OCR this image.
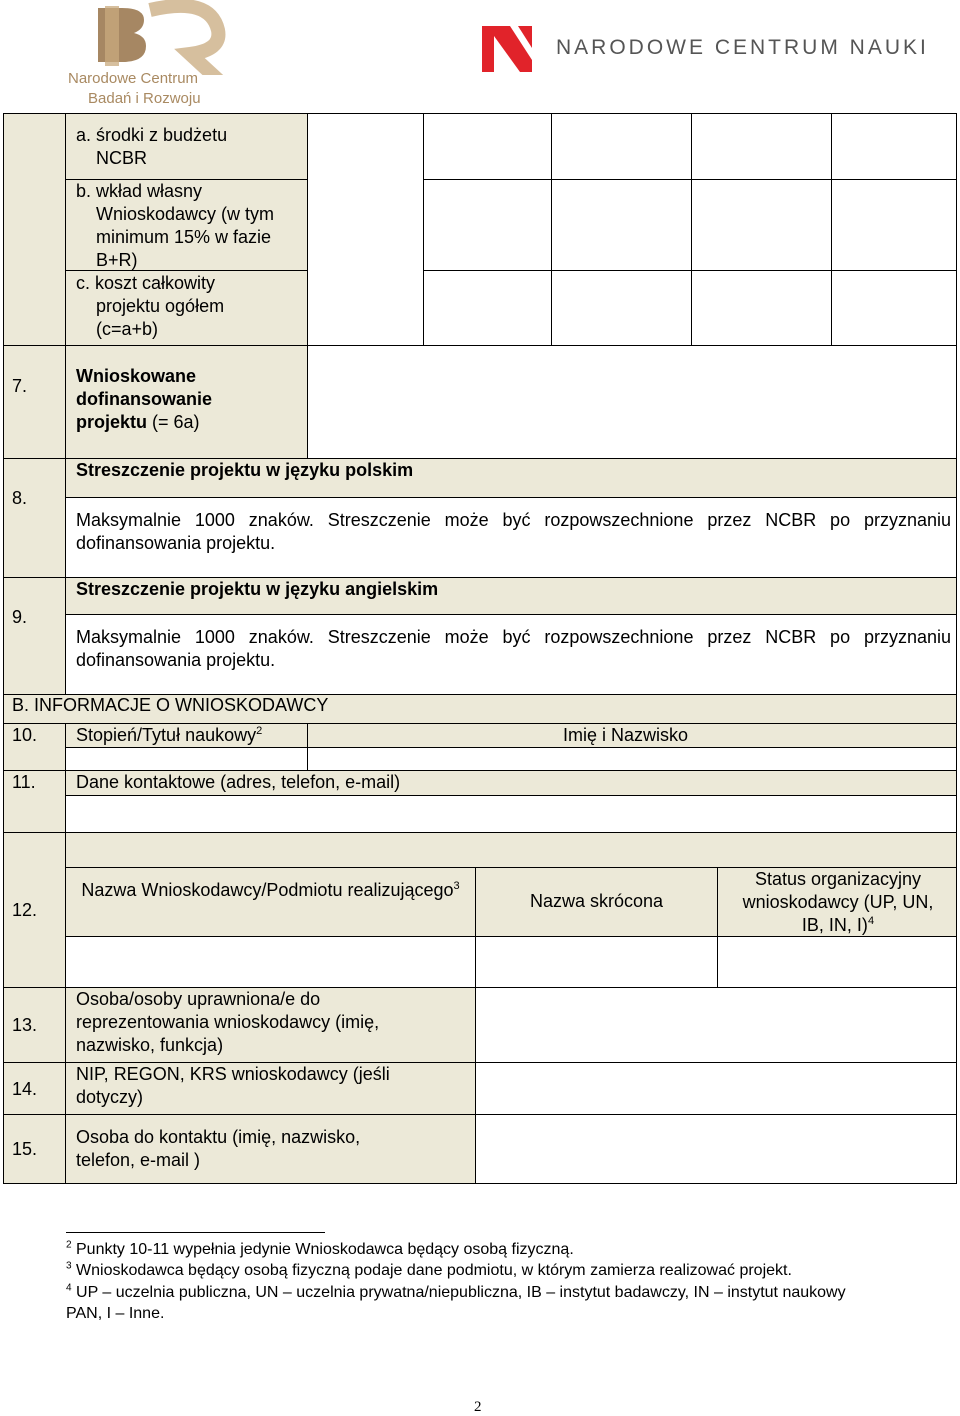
Narodowe Centrum
Badań i Rozwoju
NARODOWE CENTRUM NAUKI
a. środki z budżetu NCBR
b. wkład własny Wnioskodawcy (w tym minimum 15% w fazie B+R)
c. koszt całkowity projektu ogółem (c=a+b)
7.	Wnioskowane dofinansowanie projektu (= 6a)
8.
Streszczenie projektu w języku polskim
Maksymalnie 1000 znaków. Streszczenie może być rozpowszechnione przez NCBR po przyznaniu dofinansowania projektu.
9.
Streszczenie projektu w języku angielskim
Maksymalnie 1000 znaków. Streszczenie może być rozpowszechnione przez NCBR po przyznaniu dofinansowania projektu.
B. INFORMACJE O WNIOSKODAWCY
10. Stopień/Tytuł naukowy$^2$	Imię i Nazwisko
11. Dane kontaktowe (adres, telefon, e-mail)
12.
Nazwa Wnioskodawcy/Podmiotu realizującego$^3$
Nazwa skrócona
Status organizacyjny wnioskodawcy (UP, UN, IB, IN, I)$^4$
13.
Osoba/osoby uprawniona/e do reprezentowania wnioskodawcy (imię, nazwisko, funkcja)
14.
NIP, REGON, KRS wnioskodawcy (jeśli dotyczy)
15.
Osoba do kontaktu (imię, nazwisko, telefon, e-mail )
$^2$ Punkty 10-11 wypełnia jedynie Wnioskodawca będący osobą fizyczną.
$^3$ Wnioskodawca będący osobą fizyczną podaje dane podmiotu, w którym zamierza realizować projekt.
$^4$ UP – uczelnia publiczna, UN – uczelnia prywatna/niepubliczna, IB – instytut badawczy, IN – instytut naukowy PAN, I – Inne.
2
